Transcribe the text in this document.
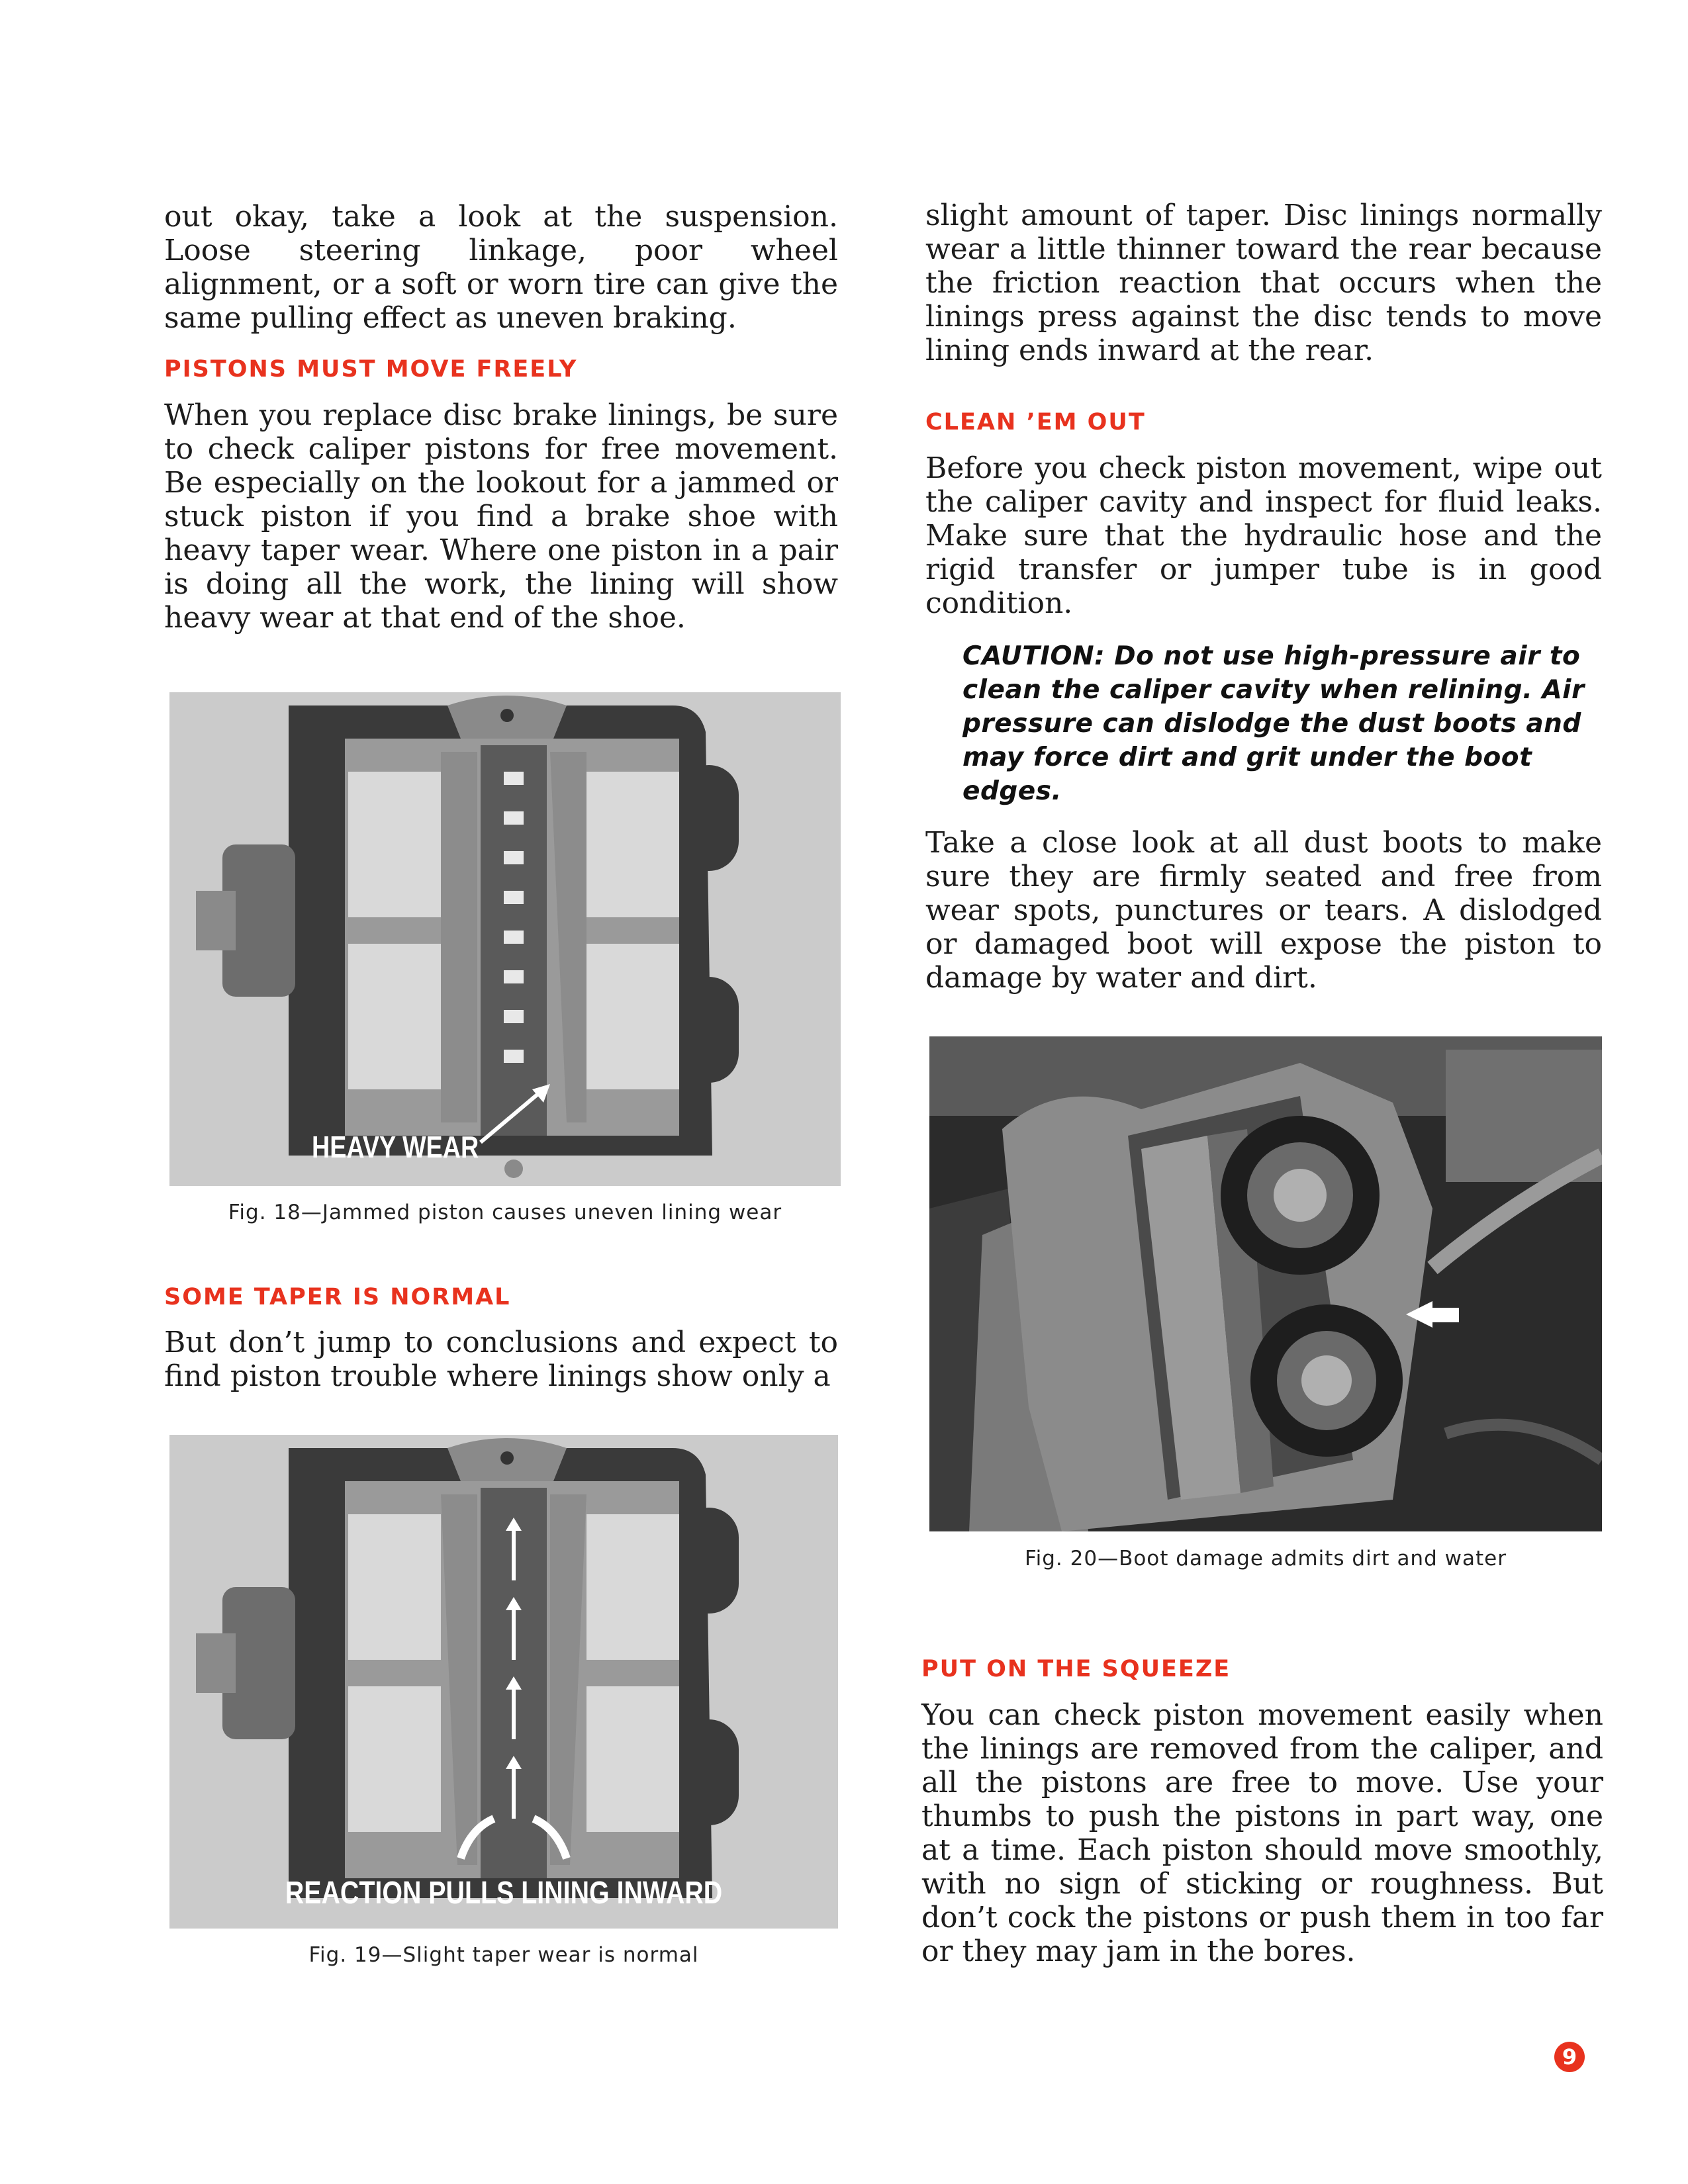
out okay, take a look at the suspension. Loose steering linkage, poor wheel alignment, or a soft or worn tire can give the same pulling effect as uneven braking.

PISTONS MUST MOVE FREELY

When you replace disc brake linings, be sure to check caliper pistons for free movement. Be especially on the lookout for a jammed or stuck piston if you find a brake shoe with heavy taper wear. Where one piston in a pair is doing all the work, the lining will show heavy wear at that end of the shoe.

HEAVY WEAR

Fig. 18—Jammed piston causes uneven lining wear

SOME TAPER IS NORMAL

But don’t jump to conclusions and expect to find piston trouble where linings show only a

REACTION PULLS LINING INWARD

Fig. 19—Slight taper wear is normal

slight amount of taper. Disc linings normally wear a little thinner toward the rear because the friction reaction that occurs when the linings press against the disc tends to move lining ends inward at the rear.

CLEAN ’EM OUT

Before you check piston movement, wipe out the caliper cavity and inspect for fluid leaks. Make sure that the hydraulic hose and the rigid transfer or jumper tube is in good condition.

CAUTION: Do not use high-pressure air to clean the caliper cavity when relining. Air pressure can dislodge the dust boots and may force dirt and grit under the boot edges.

Take a close look at all dust boots to make sure they are firmly seated and free from wear spots, punctures or tears. A dislodged or damaged boot will expose the piston to damage by water and dirt.

Fig. 20—Boot damage admits dirt and water

PUT ON THE SQUEEZE

You can check piston movement easily when the linings are removed from the caliper, and all the pistons are free to move. Use your thumbs to push the pistons in part way, one at a time. Each piston should move smoothly, with no sign of sticking or roughness. But don’t cock the pistons or push them in too far or they may jam in the bores.

9
